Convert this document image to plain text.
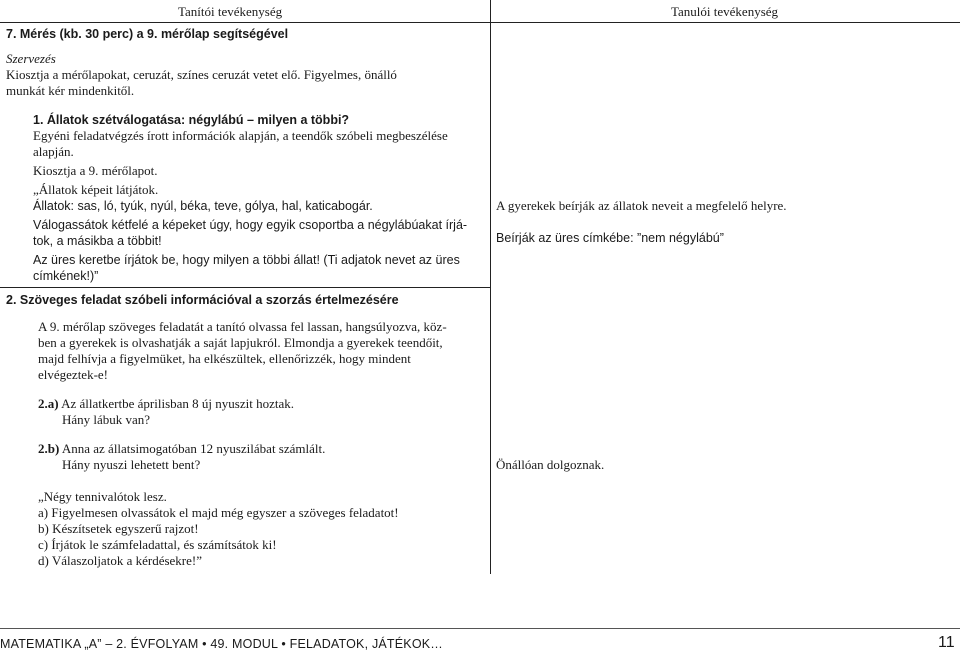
Tanítói tevékenység	Tanulói tevékenység
7. Mérés (kb. 30 perc) a 9. mérőlap segítségével
Szervezés
Kiosztja a mérőlapokat, ceruzát, színes ceruzát vetet elő. Figyelmes, önálló
munkát kér mindenkitől.
1. Állatok szétválogatása: négylábú – milyen a többi?
Egyéni feladatvégzés írott információk alapján, a teendők szóbeli megbeszélése
alapján.
Kiosztja a 9. mérőlapot.
„Állatok képeit látjátok.
Állatok: sas, ló, tyúk, nyúl, béka, teve, gólya, hal, katicabogár.
Válogassátok kétfelé a képeket úgy, hogy egyik csoportba a négylábúakat írjá-
tok, a másikba a többit!
Az üres keretbe írjátok be, hogy milyen a többi állat! (Ti adjatok nevet az üres
címkének!)”
2. Szöveges feladat szóbeli információval a szorzás értelmezésére
A 9. mérőlap szöveges feladatát a tanító olvassa fel lassan, hangsúlyozva, köz-
ben a gyerekek is olvashatják a saját lapjukról. Elmondja a gyerekek teendőit,
majd felhívja a figyelmüket, ha elkészültek, ellenőrizzék, hogy mindent
elvégeztek-e!
2.a) Az állatkertbe áprilisban 8 új nyuszit hoztak.
Hány lábuk van?
2.b) Anna az állatsimogatóban 12 nyuszilábat számlált.
Hány nyuszi lehetett bent?
„Négy tennivalótok lesz.
a) Figyelmesen olvassátok el majd még egyszer a szöveges feladatot!
b) Készítsetek egyszerű rajzot!
c) Írjátok le számfeladattal, és számítsátok ki!
d) Válaszoljatok a kérdésekre!”
A gyerekek beírják az állatok neveit a megfelelő helyre.
Beírják az üres címkébe: ”nem négylábú”
Önállóan dolgoznak.
MATEMATIKA „A” – 2. ÉVFOLYAM • 49. MODUL • FELADATOK, JÁTÉKOK…	11
